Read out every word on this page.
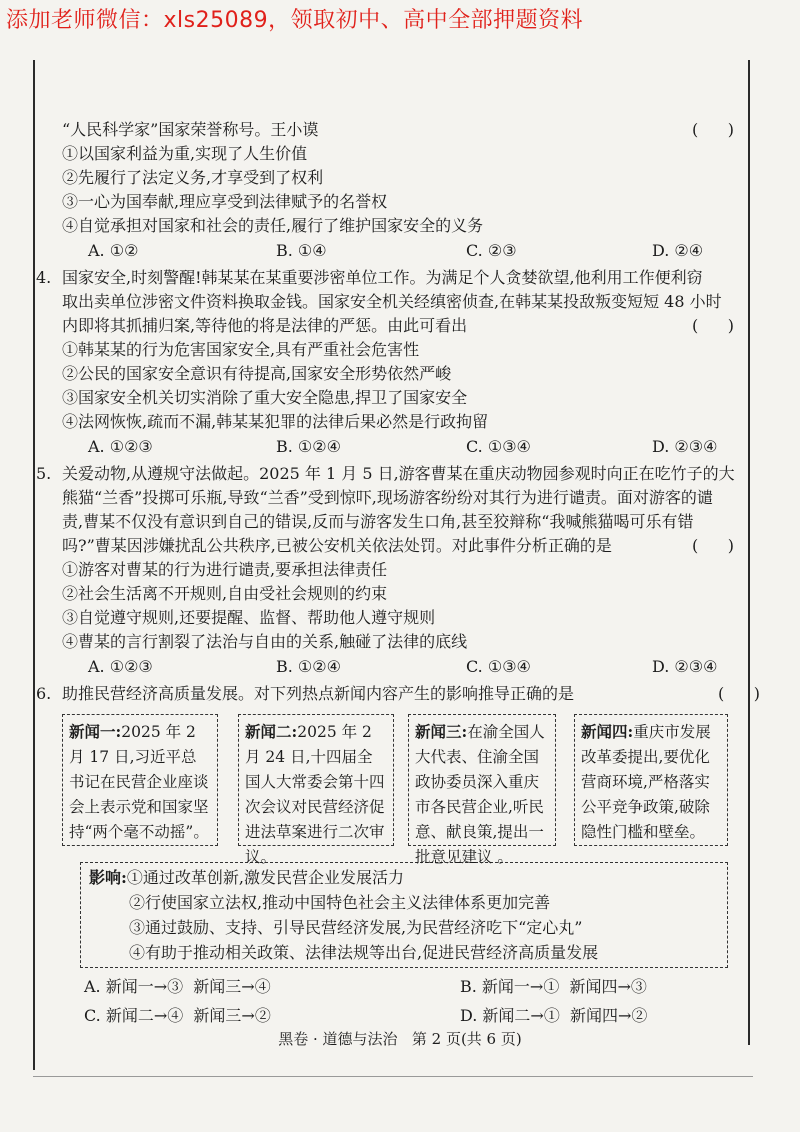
添加老师微信：xls25089，领取初中、高中全部押题资料
“人民科学家”国家荣誉称号。王小谟	( )
①以国家利益为重,实现了人生价值
②先履行了法定义务,才享受到了权利
③一心为国奉献,理应享受到法律赋予的名誉权
④自觉承担对国家和社会的责任,履行了维护国家安全的义务
A. ①②	B. ①④	C. ②③	D. ②④
4. 国家安全,时刻警醒!韩某某在某重要涉密单位工作。为满足个人贪婪欲望,他利用工作便利窃
取出卖单位涉密文件资料换取金钱。国家安全机关经缜密侦查,在韩某某投敌叛变短短 48 小时
内即将其抓捕归案,等待他的将是法律的严惩。由此可看出	( )
①韩某某的行为危害国家安全,具有严重社会危害性
②公民的国家安全意识有待提高,国家安全形势依然严峻
③国家安全机关切实消除了重大安全隐患,捍卫了国家安全
④法网恢恢,疏而不漏,韩某某犯罪的法律后果必然是行政拘留
A. ①②③	B. ①②④	C. ①③④	D. ②③④
5. 关爱动物,从遵规守法做起。2025 年 1 月 5 日,游客曹某在重庆动物园参观时向正在吃竹子的大
熊猫“兰香”投掷可乐瓶,导致“兰香”受到惊吓,现场游客纷纷对其行为进行谴责。面对游客的谴
责,曹某不仅没有意识到自己的错误,反而与游客发生口角,甚至狡辩称“我喊熊猫喝可乐有错
吗?”曹某因涉嫌扰乱公共秩序,已被公安机关依法处罚。对此事件分析正确的是	( )
①游客对曹某的行为进行谴责,要承担法律责任
②社会生活离不开规则,自由受社会规则的约束
③自觉遵守规则,还要提醒、监督、帮助他人遵守规则
④曹某的言行割裂了法治与自由的关系,触碰了法律的底线
A. ①②③	B. ①②④	C. ①③④	D. ②③④
6. 助推民营经济高质量发展。对下列热点新闻内容产生的影响推导正确的是	( )
新闻一:2025 年 2 月 17 日,习近平总书记在民营企业座谈会上表示党和国家坚持“两个毫不动摇”。
新闻二:2025 年 2 月 24 日,十四届全国人大常委会第十四次会议对民营经济促进法草案进行二次审议。
新闻三:在渝全国人大代表、住渝全国政协委员深入重庆市各民营企业,听民意、献良策,提出一批意见建议 。
新闻四:重庆市发展改革委提出,要优化营商环境,严格落实公平竞争政策,破除隐性门槛和壁垒。
影响:①通过改革创新,激发民营企业发展活力
②行使国家立法权,推动中国特色社会主义法律体系更加完善
③通过鼓励、支持、引导民营经济发展,为民营经济吃下“定心丸”
④有助于推动相关政策、法律法规等出台,促进民营经济高质量发展
A. 新闻一→③  新闻三→④	B. 新闻一→①  新闻四→③
C. 新闻二→④  新闻三→②	D. 新闻二→①  新闻四→②
黑卷 · 道德与法治   第 2 页(共 6 页)
